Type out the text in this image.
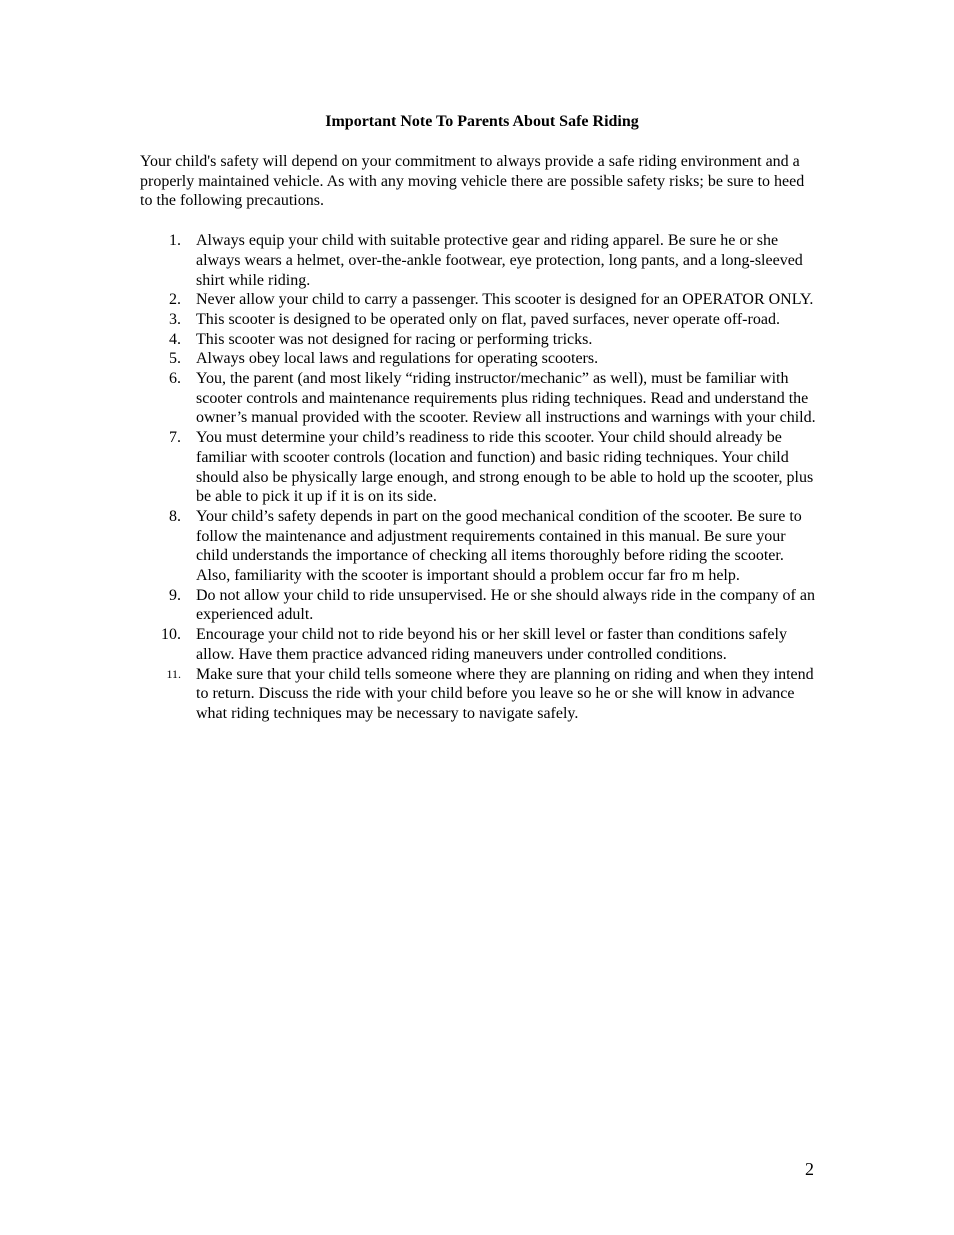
Important Note To Parents About Safe Riding

Your child's safety will depend on your commitment to always provide a safe riding environment and a properly maintained vehicle. As with any moving vehicle there are possible safety risks; be sure to heed to the following precautions.

1. Always equip your child with suitable protective gear and riding apparel. Be sure he or she always wears a helmet, over-the-ankle footwear, eye protection, long pants, and a long-sleeved shirt while riding.
2. Never allow your child to carry a passenger. This scooter is designed for an OPERATOR ONLY.
3. This scooter is designed to be operated only on flat, paved surfaces, never operate off-road.
4. This scooter was not designed for racing or performing tricks.
5. Always obey local laws and regulations for operating scooters.
6. You, the parent (and most likely “riding instructor/mechanic” as well), must be familiar with scooter controls and maintenance requirements plus riding techniques. Read and understand the owner’s manual provided with the scooter. Review all instructions and warnings with your child.
7. You must determine your child’s readiness to ride this scooter. Your child should already be familiar with scooter controls (location and function) and basic riding techniques. Your child should also be physically large enough, and strong enough to be able to hold up the scooter, plus be able to pick it up if it is on its side.
8. Your child’s safety depends in part on the good mechanical condition of the scooter. Be sure to follow the maintenance and adjustment requirements contained in this manual. Be sure your child understands the importance of checking all items thoroughly before riding the scooter. Also, familiarity with the scooter is important should a problem occur far fro m help.
9. Do not allow your child to ride unsupervised. He or she should always ride in the company of an experienced adult.
10. Encourage your child not to ride beyond his or her skill level or faster than conditions safely allow. Have them practice advanced riding maneuvers under controlled conditions.
11. Make sure that your child tells someone where they are planning on riding and when they intend to return. Discuss the ride with your child before you leave so he or she will know in advance what riding techniques may be necessary to navigate safely.
2
